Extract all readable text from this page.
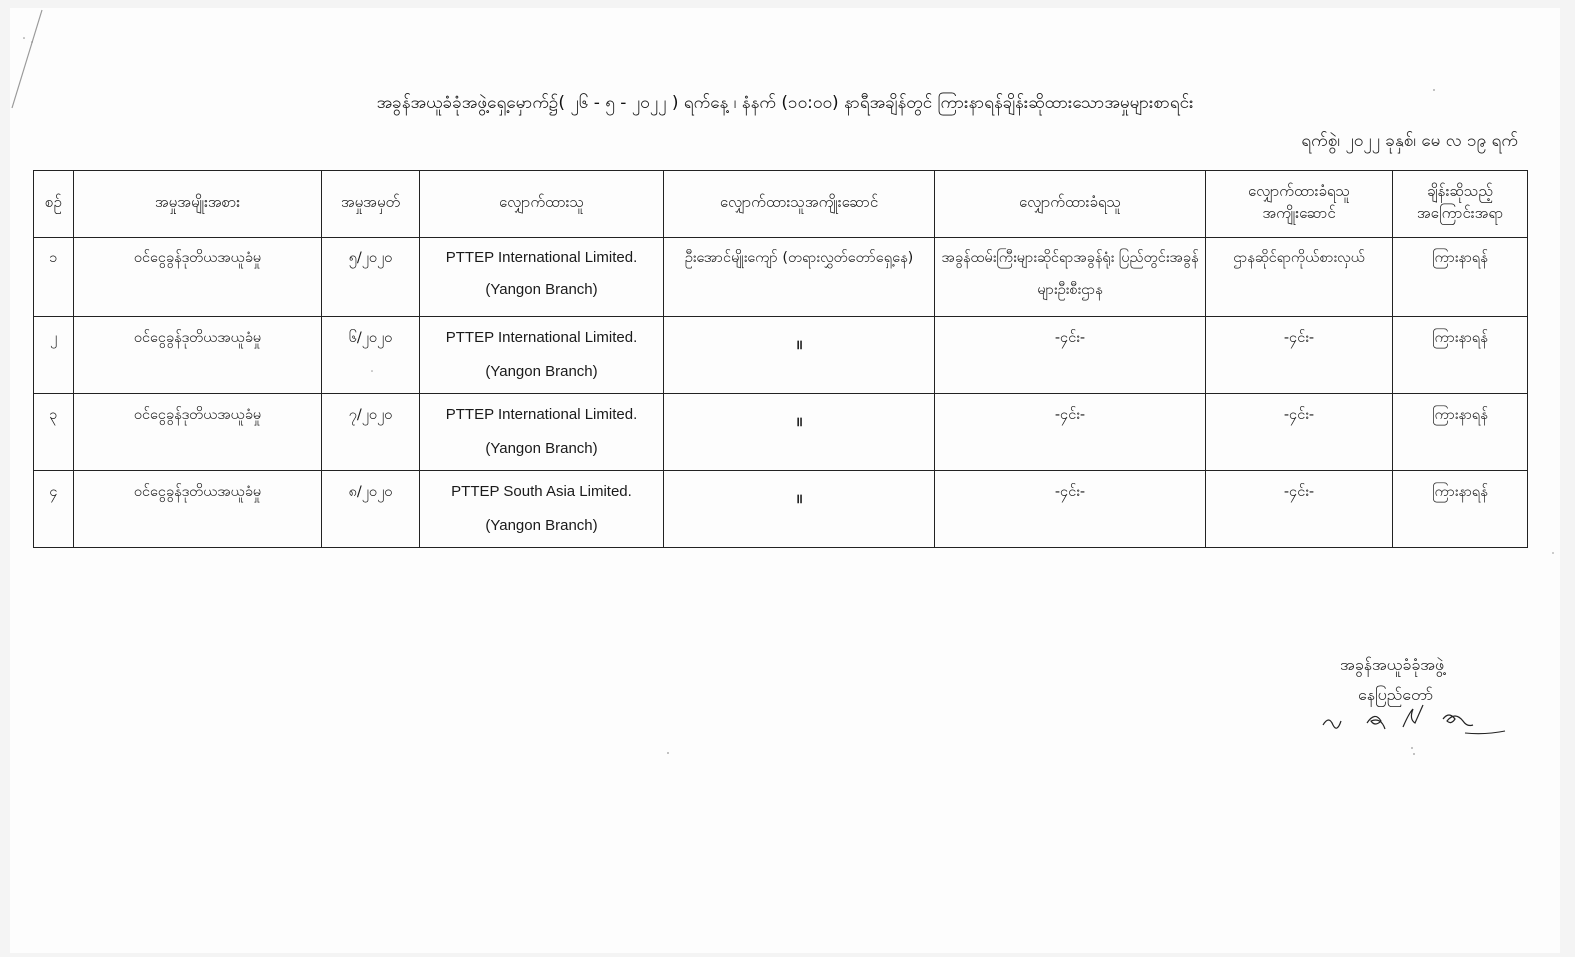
အခွန်အယူခံခုံအဖွဲ့ရှေ့မှောက်၌( ၂၆ - ၅ - ၂၀၂၂ ) ရက်နေ့ ၊ နံနက် (၁၀:၀၀) နာရီအချိန်တွင် ကြားနာရန်ချိန်းဆိုထားသောအမှုများစာရင်း
ရက်စွဲ၊ ၂၀၂၂ ခုနှစ်၊ မေ လ ၁၉ ရက်
စဉ်	အမှုအမျိုးအစား	အမှုအမှတ်	လျှောက်ထားသူ	လျှောက်ထားသူအကျိုးဆောင်	လျှောက်ထားခံရသူ	လျှောက်ထားခံရသူ အကျိုးဆောင်	ချိန်းဆိုသည့် အကြောင်းအရာ
၁	ဝင်ငွေခွန်ဒုတိယအယူခံမှု	၅/၂၀၂၀	PTTEP International Limited.
(Yangon Branch)	ဦးအောင်မျိုးကျော် (တရားလွှတ်တော်ရှေ့နေ)	အခွန်ထမ်းကြီးများဆိုင်ရာအခွန်ရုံး ပြည်တွင်းအခွန်များဦးစီးဌာန	ဌာနဆိုင်ရာကိုယ်စားလှယ်	ကြားနာရန်
၂	ဝင်ငွေခွန်ဒုတိယအယူခံမှု	၆/၂၀၂၀	PTTEP International Limited.
(Yangon Branch)	॥	-၄င်း-	-၄င်း-	ကြားနာရန်
၃	ဝင်ငွေခွန်ဒုတိယအယူခံမှု	၇/၂၀၂၀	PTTEP International Limited.
(Yangon Branch)	॥	-၄င်း-	-၄င်း-	ကြားနာရန်
၄	ဝင်ငွေခွန်ဒုတိယအယူခံမှု	၈/၂၀၂၀	PTTEP South Asia Limited.
(Yangon Branch)	॥	-၄င်း-	-၄င်း-	ကြားနာရန်
အခွန်အယူခံခုံအဖွဲ့
နေပြည်တော်
